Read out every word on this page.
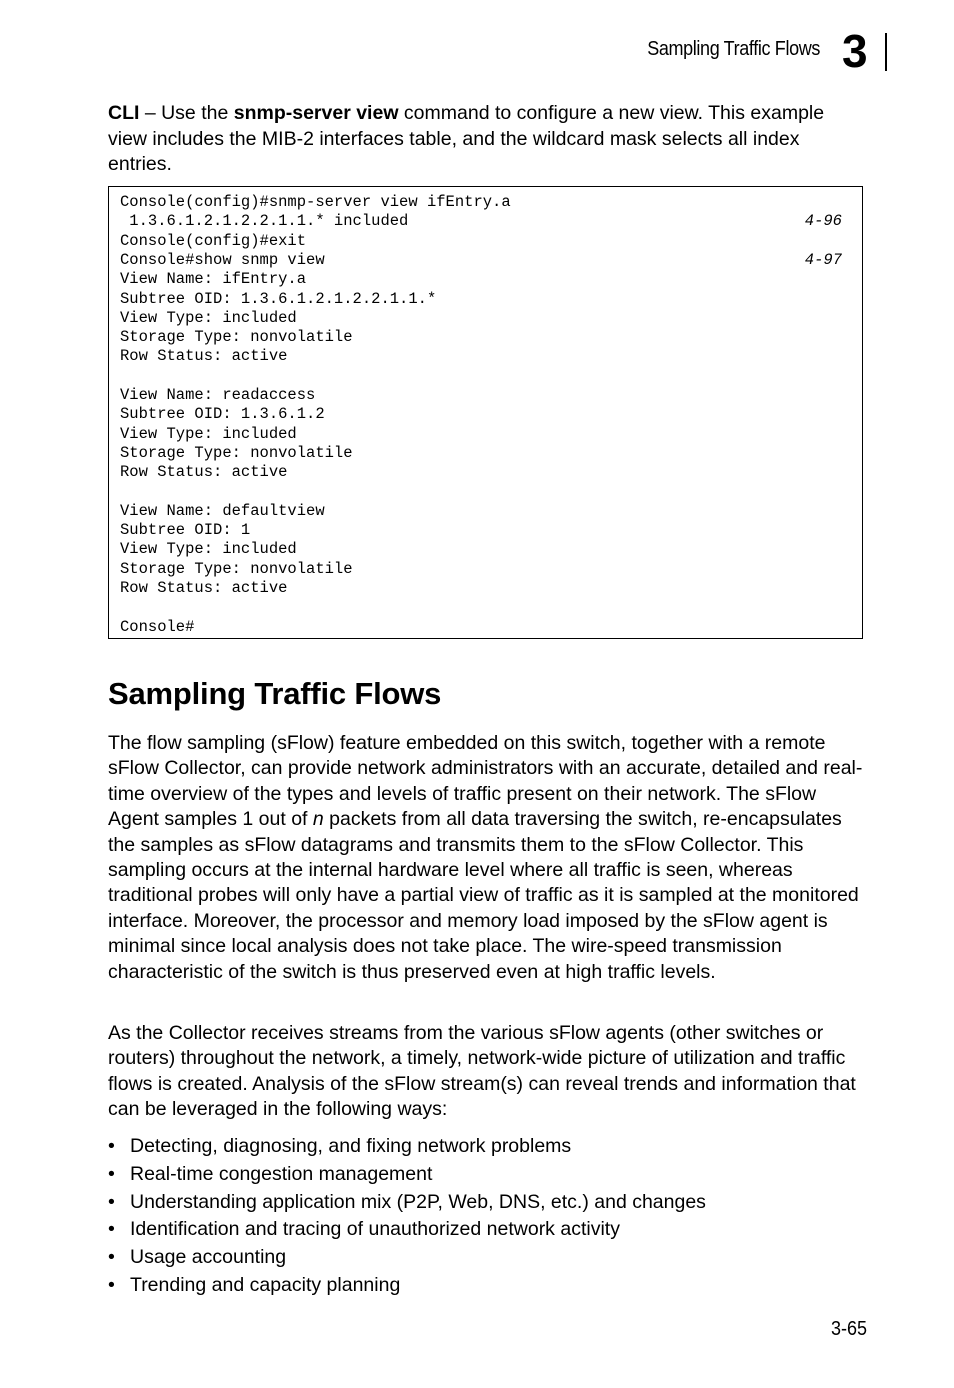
Sampling Traffic Flows 3

CLI – Use the snmp-server view command to configure a new view. This example view includes the MIB-2 interfaces table, and the wildcard mask selects all index entries.

Console(config)#snmp-server view ifEntry.a
1.3.6.1.2.1.2.2.1.1.* included	4-96
Console(config)#exit
Console#show snmp view	4-97
View Name: ifEntry.a
Subtree OID: 1.3.6.1.2.1.2.2.1.1.*
View Type: included
Storage Type: nonvolatile
Row Status: active
View Name: readaccess
Subtree OID: 1.3.6.1.2
View Type: included
Storage Type: nonvolatile
Row Status: active
View Name: defaultview
Subtree OID: 1
View Type: included
Storage Type: nonvolatile
Row Status: active
Console#
Sampling Traffic Flows

The flow sampling (sFlow) feature embedded on this switch, together with a remote sFlow Collector, can provide network administrators with an accurate, detailed and real-time overview of the types and levels of traffic present on their network. The sFlow Agent samples 1 out of n packets from all data traversing the switch, re-encapsulates the samples as sFlow datagrams and transmits them to the sFlow Collector. This sampling occurs at the internal hardware level where all traffic is seen, whereas traditional probes will only have a partial view of traffic as it is sampled at the monitored interface. Moreover, the processor and memory load imposed by the sFlow agent is minimal since local analysis does not take place. The wire-speed transmission characteristic of the switch is thus preserved even at high traffic levels.

As the Collector receives streams from the various sFlow agents (other switches or routers) throughout the network, a timely, network-wide picture of utilization and traffic flows is created. Analysis of the sFlow stream(s) can reveal trends and information that can be leveraged in the following ways:

• Detecting, diagnosing, and fixing network problems
• Real-time congestion management
• Understanding application mix (P2P, Web, DNS, etc.) and changes
• Identification and tracing of unauthorized network activity
• Usage accounting
• Trending and capacity planning
3-65
